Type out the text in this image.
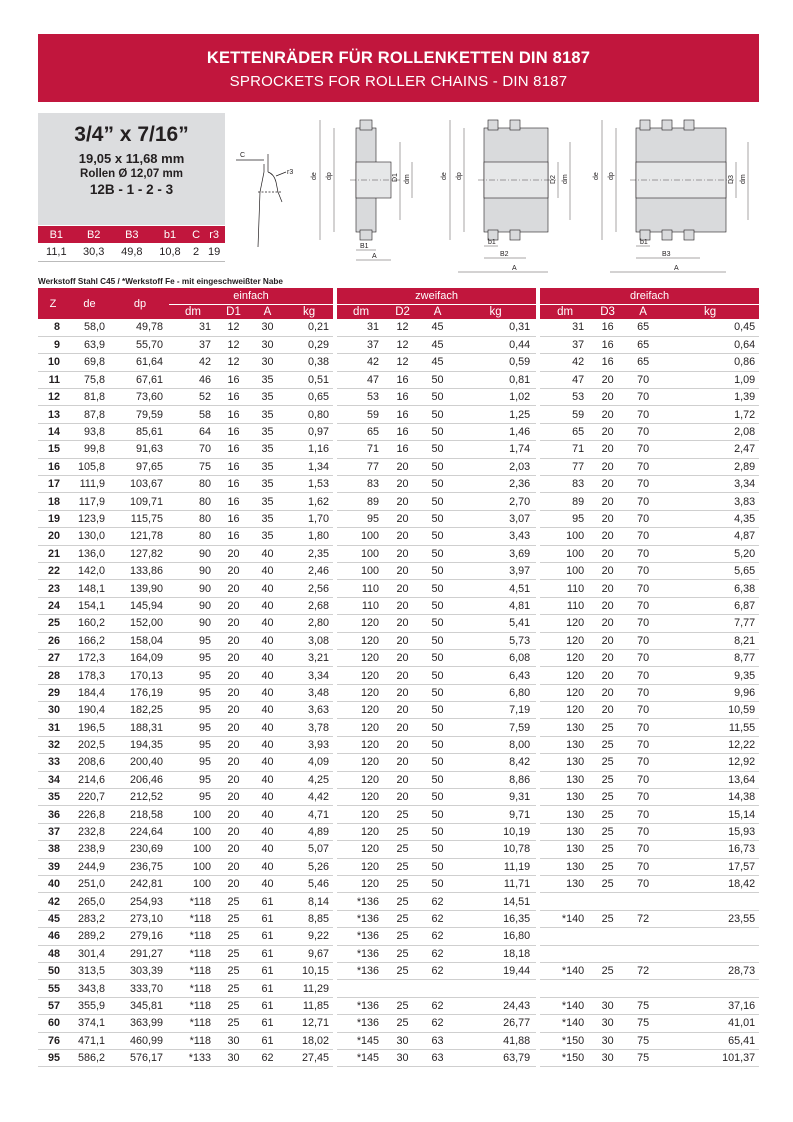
KETTENRÄDER FÜR ROLLENKETTEN DIN 8187
SPROCKETS FOR ROLLER CHAINS - DIN 8187
3/4” x 7/16”
19,05 x 11,68 mm
Rollen Ø 12,07 mm
12B - 1 - 2 - 3
B1	B2	B3	b1	C	r3
11,1	30,3	49,8	10,8	2	19
C
r3	de dp	D1 dm
B1
A
de dp	D2 dm
b1
B2
A
de dp	D3 dm
b1
B3
A
Werkstoff Stahl C45 / *Werkstoff Fe - mit eingeschweißter Nabe
Z	de	dp	einfach					zweifach					dreifach			
			dm	D1	A	kg		dm	D2	A	kg		dm	D3	A	kg
8	58,0	49,78	31	12	30	0,21		31	12	45	0,31		31	16	65	0,45
9	63,9	55,70	37	12	30	0,29		37	12	45	0,44		37	16	65	0,64
10	69,8	61,64	42	12	30	0,38		42	12	45	0,59		42	16	65	0,86
11	75,8	67,61	46	16	35	0,51		47	16	50	0,81		47	20	70	1,09
12	81,8	73,60	52	16	35	0,65		53	16	50	1,02		53	20	70	1,39
13	87,8	79,59	58	16	35	0,80		59	16	50	1,25		59	20	70	1,72
14	93,8	85,61	64	16	35	0,97		65	16	50	1,46		65	20	70	2,08
15	99,8	91,63	70	16	35	1,16		71	16	50	1,74		71	20	70	2,47
16	105,8	97,65	75	16	35	1,34		77	20	50	2,03		77	20	70	2,89
17	111,9	103,67	80	16	35	1,53		83	20	50	2,36		83	20	70	3,34
18	117,9	109,71	80	16	35	1,62		89	20	50	2,70		89	20	70	3,83
19	123,9	115,75	80	16	35	1,70		95	20	50	3,07		95	20	70	4,35
20	130,0	121,78	80	16	35	1,80		100	20	50	3,43		100	20	70	4,87
21	136,0	127,82	90	20	40	2,35		100	20	50	3,69		100	20	70	5,20
22	142,0	133,86	90	20	40	2,46		100	20	50	3,97		100	20	70	5,65
23	148,1	139,90	90	20	40	2,56		110	20	50	4,51		110	20	70	6,38
24	154,1	145,94	90	20	40	2,68		110	20	50	4,81		110	20	70	6,87
25	160,2	152,00	90	20	40	2,80		120	20	50	5,41		120	20	70	7,77
26	166,2	158,04	95	20	40	3,08		120	20	50	5,73		120	20	70	8,21
27	172,3	164,09	95	20	40	3,21		120	20	50	6,08		120	20	70	8,77
28	178,3	170,13	95	20	40	3,34		120	20	50	6,43		120	20	70	9,35
29	184,4	176,19	95	20	40	3,48		120	20	50	6,80		120	20	70	9,96
30	190,4	182,25	95	20	40	3,63		120	20	50	7,19		120	20	70	10,59
31	196,5	188,31	95	20	40	3,78		120	20	50	7,59		130	25	70	11,55
32	202,5	194,35	95	20	40	3,93		120	20	50	8,00		130	25	70	12,22
33	208,6	200,40	95	20	40	4,09		120	20	50	8,42		130	25	70	12,92
34	214,6	206,46	95	20	40	4,25		120	20	50	8,86		130	25	70	13,64
35	220,7	212,52	95	20	40	4,42		120	20	50	9,31		130	25	70	14,38
36	226,8	218,58	100	20	40	4,71		120	25	50	9,71		130	25	70	15,14
37	232,8	224,64	100	20	40	4,89		120	25	50	10,19		130	25	70	15,93
38	238,9	230,69	100	20	40	5,07		120	25	50	10,78		130	25	70	16,73
39	244,9	236,75	100	20	40	5,26		120	25	50	11,19		130	25	70	17,57
40	251,0	242,81	100	20	40	5,46		120	25	50	11,71		130	25	70	18,42
42	265,0	254,93	*118	25	61	8,14		*136	25	62	14,51					
45	283,2	273,10	*118	25	61	8,85		*136	25	62	16,35		*140	25	72	23,55
46	289,2	279,16	*118	25	61	9,22		*136	25	62	16,80					
48	301,4	291,27	*118	25	61	9,67		*136	25	62	18,18					
50	313,5	303,39	*118	25	61	10,15		*136	25	62	19,44		*140	25	72	28,73
55	343,8	333,70	*118	25	61	11,29										
57	355,9	345,81	*118	25	61	11,85		*136	25	62	24,43		*140	30	75	37,16
60	374,1	363,99	*118	25	61	12,71		*136	25	62	26,77		*140	30	75	41,01
76	471,1	460,99	*118	30	61	18,02		*145	30	63	41,88		*150	30	75	65,41
95	586,2	576,17	*133	30	62	27,45		*145	30	63	63,79		*150	30	75	101,37
